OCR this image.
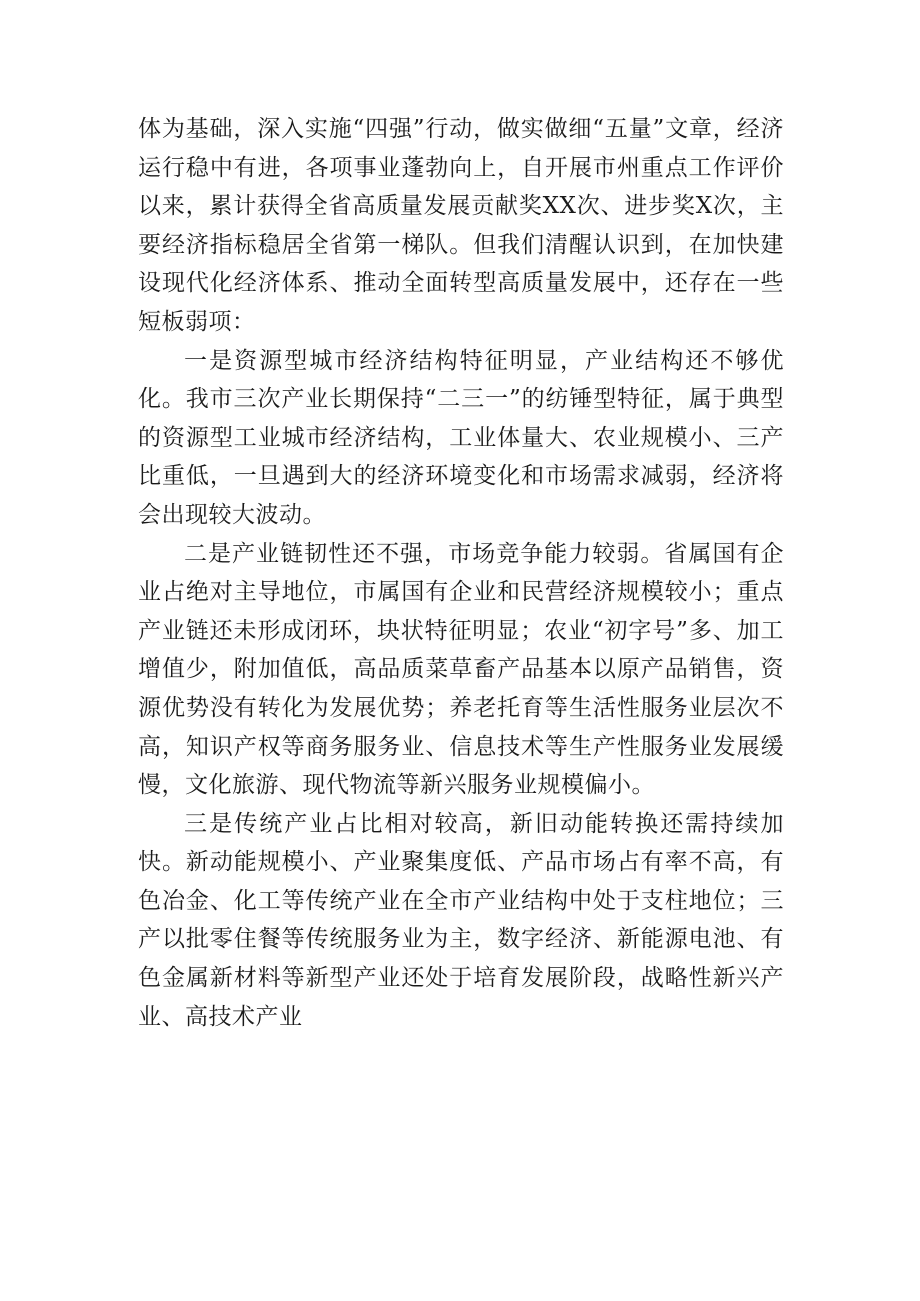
体为基础，深入实施“四强”行动，做实做细“五量”文章，经济运行稳中有进，各项事业蓬勃向上，自开展市州重点工作评价以来，累计获得全省高质量发展贡献奖XX次、进步奖X次，主要经济指标稳居全省第一梯队。但我们清醒认识到，在加快建设现代化经济体系、推动全面转型高质量发展中，还存在一些短板弱项：

一是资源型城市经济结构特征明显，产业结构还不够优化。我市三次产业长期保持“二三一”的纺锤型特征，属于典型的资源型工业城市经济结构，工业体量大、农业规模小、三产比重低，一旦遇到大的经济环境变化和市场需求减弱，经济将会出现较大波动。

二是产业链韧性还不强，市场竞争能力较弱。省属国有企业占绝对主导地位，市属国有企业和民营经济规模较小；重点产业链还未形成闭环，块状特征明显；农业“初字号”多、加工增值少，附加值低，高品质菜草畜产品基本以原产品销售，资源优势没有转化为发展优势；养老托育等生活性服务业层次不高，知识产权等商务服务业、信息技术等生产性服务业发展缓慢，文化旅游、现代物流等新兴服务业规模偏小。

三是传统产业占比相对较高，新旧动能转换还需持续加快。新动能规模小、产业聚集度低、产品市场占有率不高，有色冶金、化工等传统产业在全市产业结构中处于支柱地位；三产以批零住餐等传统服务业为主，数字经济、新能源电池、有色金属新材料等新型产业还处于培育发展阶段，战略性新兴产业、高技术产业
